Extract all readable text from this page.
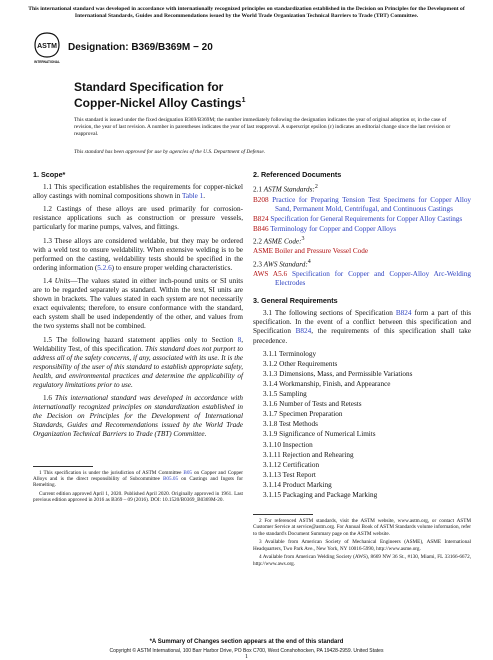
This international standard was developed in accordance with internationally recognized principles on standardization established in the Decision on Principles for the Development of International Standards, Guides and Recommendations issued by the World Trade Organization Technical Barriers to Trade (TBT) Committee.
ASTM
INTERNATIONAL
Designation: B369/B369M − 20
Standard Specification for
Copper-Nickel Alloy Castings$^1$
This standard is issued under the fixed designation B369/B369M; the number immediately following the designation indicates the year of original adoption or, in the case of revision, the year of last revision. A number in parentheses indicates the year of last reapproval. A superscript epsilon (ε) indicates an editorial change since the last revision or reapproval.
This standard has been approved for use by agencies of the U.S. Department of Defense.
1. Scope*

1.1 This specification establishes the requirements for copper-nickel alloy castings with nominal compositions shown in Table 1.

1.2 Castings of these alloys are used primarily for corrosion-resistance applications such as construction or pressure vessels, particularly for marine pumps, valves, and fittings.

1.3 These alloys are considered weldable, but they may be ordered with a weld test to ensure weldability. When extensive welding is to be performed on the casting, weldability tests should be specified in the ordering information (5.2.6) to ensure proper welding characteristics.

1.4 Units—The values stated in either inch-pound units or SI units are to be regarded separately as standard. Within the text, SI units are shown in brackets. The values stated in each system are not necessarily exact equivalents; therefore, to ensure conformance with the standard, each system shall be used independently of the other, and values from the two systems shall not be combined.

1.5 The following hazard statement applies only to Section 8, Weldability Test, of this specification. This standard does not purport to address all of the safety concerns, if any, associated with its use. It is the responsibility of the user of this standard to establish appropriate safety, health, and environmental practices and determine the applicability of regulatory limitations prior to use.

1.6 This international standard was developed in accordance with internationally recognized principles on standardization established in the Decision on Principles for the Development of International Standards, Guides and Recommendations issued by the World Trade Organization Technical Barriers to Trade (TBT) Committee.

1 This specification is under the jurisdiction of ASTM Committee B05 on Copper and Copper Alloys and is the direct responsibility of Subcommittee B05.05 on Castings and Ingots for Remelting.

Current edition approved April 1, 2020. Published April 2020. Originally approved in 1961. Last previous edition approved in 2016 as B369 – 09 (2016). DOI: 10.1520/B0369_B0369M-20.

2. Referenced Documents

2.1 ASTM Standards:$^2$

B208 Practice for Preparing Tension Test Specimens for Copper Alloy Sand, Permanent Mold, Centrifugal, and Continuous Castings
B824 Specification for General Requirements for Copper Alloy Castings
B846 Terminology for Copper and Copper Alloys

2.2 ASME Code:$^3$

ASME Boiler and Pressure Vessel Code

2.3 AWS Standard:$^4$

AWS A5.6 Specification for Copper and Copper-Alloy Arc-Welding Electrodes
3. General Requirements

3.1 The following sections of Specification B824 form a part of this specification. In the event of a conflict between this specification and Specification B824, the requirements of this specification shall take precedence.

3.1.1 Terminology
3.1.2 Other Requirements
3.1.3 Dimensions, Mass, and Permissible Variations
3.1.4 Workmanship, Finish, and Appearance
3.1.5 Sampling
3.1.6 Number of Tests and Retests
3.1.7 Specimen Preparation
3.1.8 Test Methods
3.1.9 Significance of Numerical Limits
3.1.10 Inspection
3.1.11 Rejection and Rehearing
3.1.12 Certification
3.1.13 Test Report
3.1.14 Product Marking
3.1.15 Packaging and Package Marking

2 For referenced ASTM standards, visit the ASTM website, www.astm.org, or contact ASTM Customer Service at service@astm.org. For Annual Book of ASTM Standards volume information, refer to the standard's Document Summary page on the ASTM website.

3 Available from American Society of Mechanical Engineers (ASME), ASME International Headquarters, Two Park Ave., New York, NY 10016-5990, http://www.asme.org.

4 Available from American Welding Society (AWS), 8669 NW 36 St., #130, Miami, FL 33166-6672, http://www.aws.org.

*A Summary of Changes section appears at the end of this standard
Copyright © ASTM International, 100 Barr Harbor Drive, PO Box C700, West Conshohocken, PA 19428-2959. United States
1
